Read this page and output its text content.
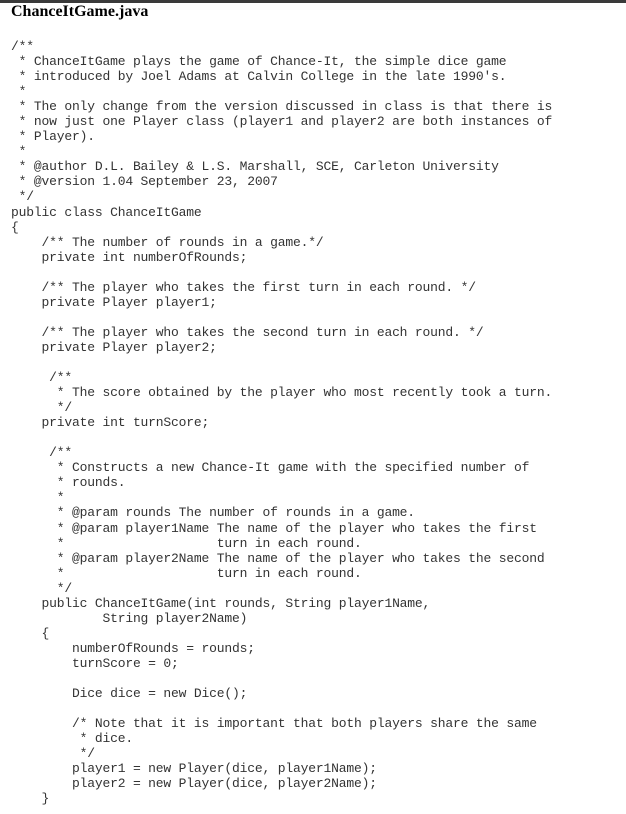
ChanceItGame.java
/**
* ChanceItGame plays the game of Chance-It, the simple dice game
* introduced by Joel Adams at Calvin College in the late 1990's.
*
* The only change from the version discussed in class is that there is
* now just one Player class (player1 and player2 are both instances of
* Player).
*
* @author D.L. Bailey & L.S. Marshall, SCE, Carleton University
* @version 1.04 September 23, 2007
*/
public class ChanceItGame
{
/** The number of rounds in a game.*/
private int numberOfRounds;
/** The player who takes the first turn in each round. */
private Player player1;
/** The player who takes the second turn in each round. */
private Player player2;
/**
* The score obtained by the player who most recently took a turn.
*/
private int turnScore;
/**
* Constructs a new Chance-It game with the specified number of
* rounds.
*
* @param rounds The number of rounds in a game.
* @param player1Name The name of the player who takes the first
*                    turn in each round.
* @param player2Name The name of the player who takes the second
*                    turn in each round.
*/
public ChanceItGame(int rounds, String player1Name,
String player2Name)
{
numberOfRounds = rounds;
turnScore = 0;
Dice dice = new Dice();
/* Note that it is important that both players share the same
* dice.
*/
player1 = new Player(dice, player1Name);
player2 = new Player(dice, player2Name);
}
